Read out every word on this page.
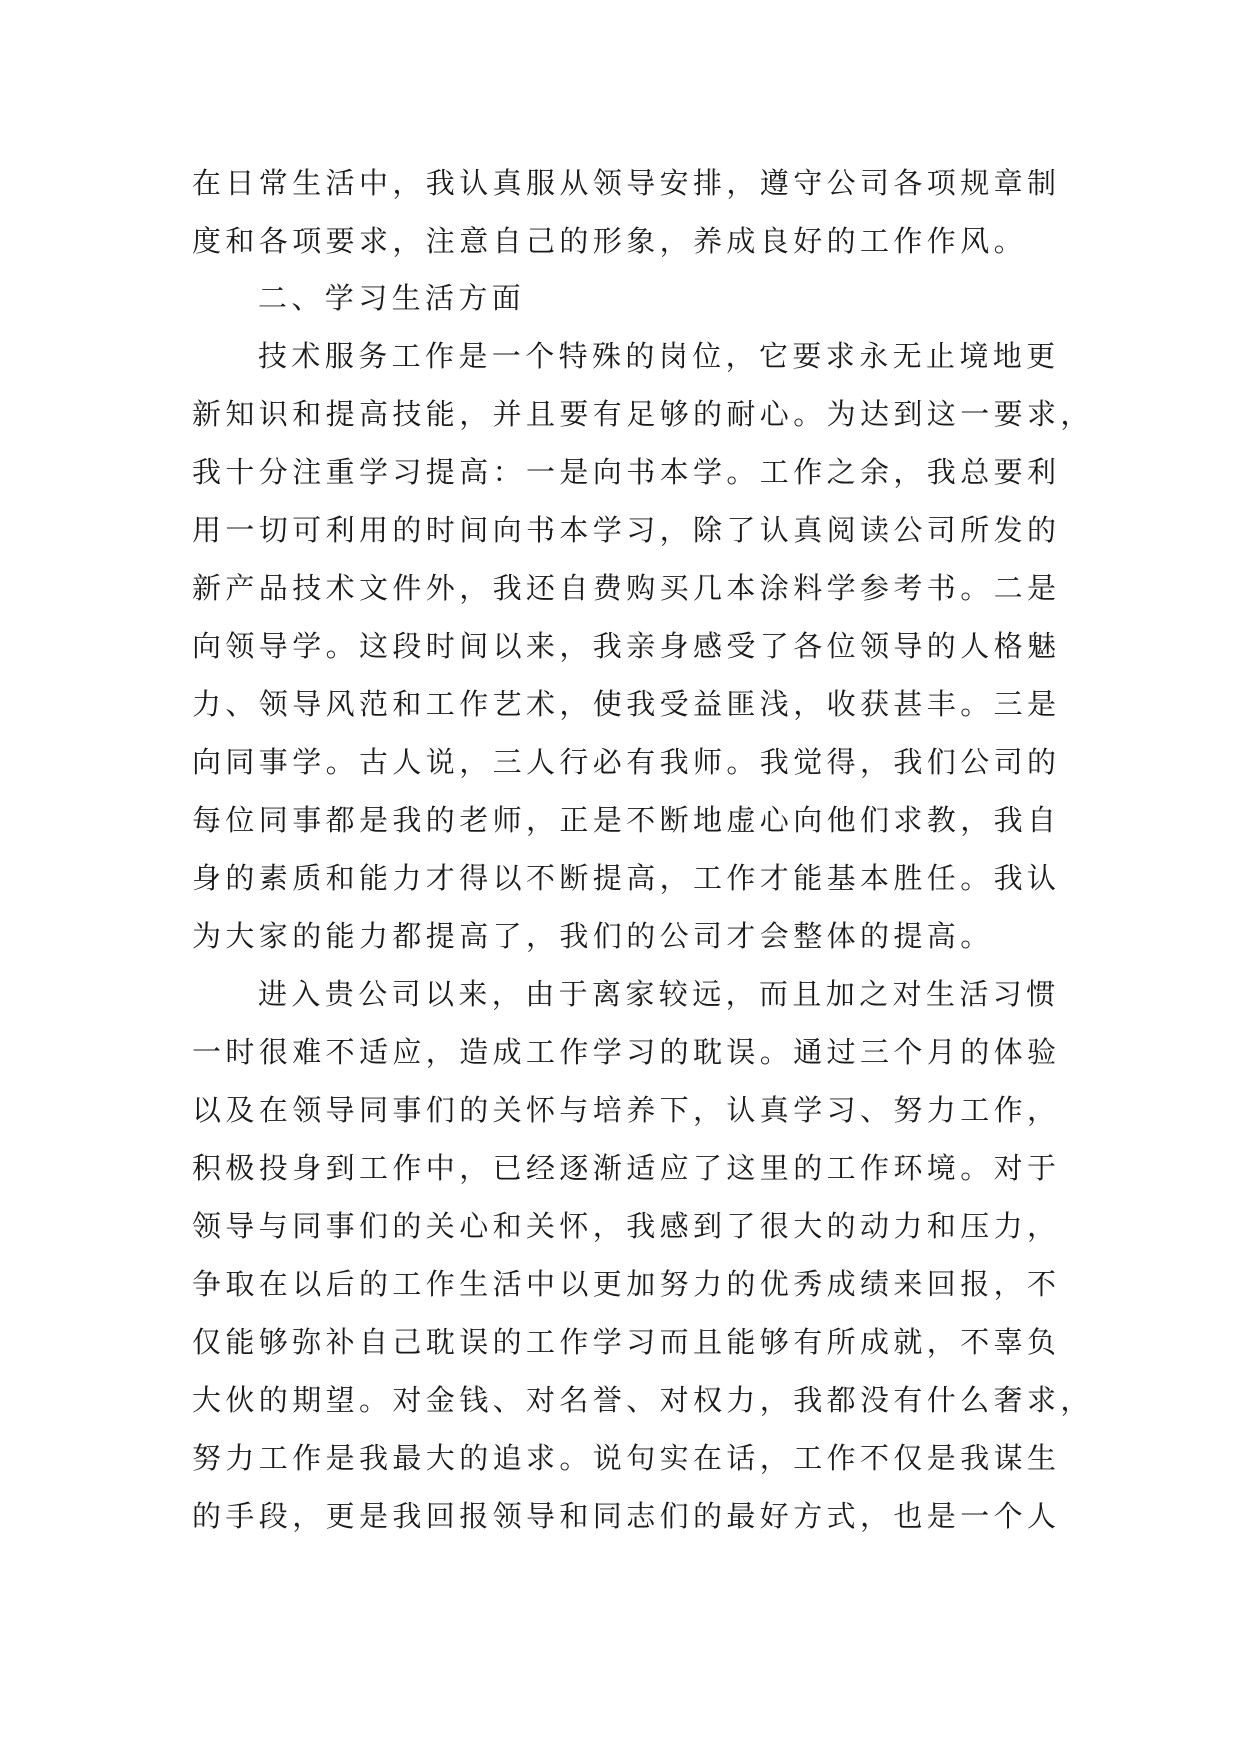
在日常生活中，我认真服从领导安排，遵守公司各项规章制

度和各项要求，注意自己的形象，养成良好的工作作风。

二、学习生活方面

技术服务工作是一个特殊的岗位，它要求永无止境地更

新知识和提高技能，并且要有足够的耐心。为达到这一要求，

我十分注重学习提高：一是向书本学。工作之余，我总要利

用一切可利用的时间向书本学习，除了认真阅读公司所发的

新产品技术文件外，我还自费购买几本涂料学参考书。二是

向领导学。这段时间以来，我亲身感受了各位领导的人格魅

力、领导风范和工作艺术，使我受益匪浅，收获甚丰。三是

向同事学。古人说，三人行必有我师。我觉得，我们公司的

每位同事都是我的老师，正是不断地虚心向他们求教，我自

身的素质和能力才得以不断提高，工作才能基本胜任。我认

为大家的能力都提高了，我们的公司才会整体的提高。

进入贵公司以来，由于离家较远，而且加之对生活习惯

一时很难不适应，造成工作学习的耽误。通过三个月的体验

以及在领导同事们的关怀与培养下，认真学习、努力工作，

积极投身到工作中，已经逐渐适应了这里的工作环境。对于

领导与同事们的关心和关怀，我感到了很大的动力和压力，

争取在以后的工作生活中以更加努力的优秀成绩来回报，不

仅能够弥补自己耽误的工作学习而且能够有所成就，不辜负

大伙的期望。对金钱、对名誉、对权力，我都没有什么奢求，

努力工作是我最大的追求。说句实在话，工作不仅是我谋生

的手段，更是我回报领导和同志们的最好方式，也是一个人
